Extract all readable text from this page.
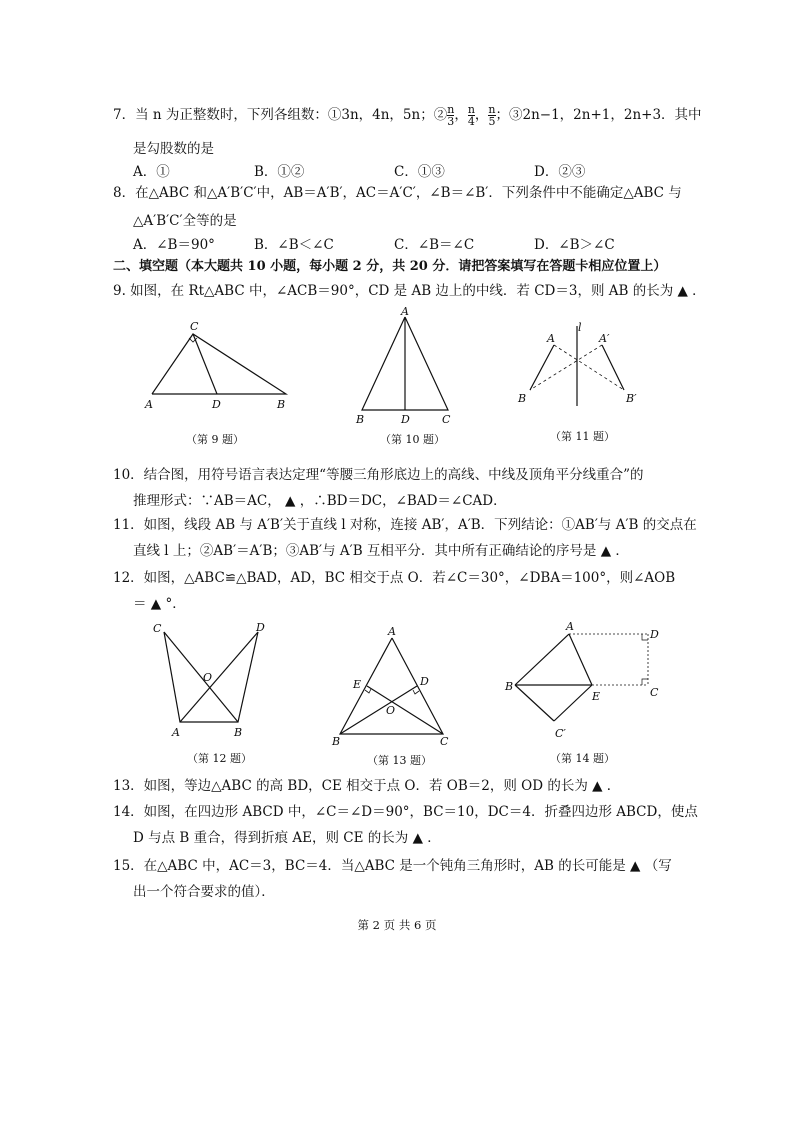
7．当 n 为正整数时，下列各组数：①3n，4n，5n；② $\frac{n}{3}$ ， $\frac{n}{4}$ ， $\frac{n}{5}$ ；③2n−1，2n+1，2n+3．其中
是勾股数的是
A．①	B．①②	C．①③	D．②③
8．在△ABC 和△A′B′C′中，AB＝A′B′，AC＝A′C′，∠B＝∠B′．下列条件中不能确定△ABC 与
△A′B′C′全等的是
A．∠B＝90°	B．∠B＜∠C	C．∠B＝∠C	D．∠B＞∠C
二、填空题（本大题共 10 小题，每小题 2 分，共 20 分．请把答案填写在答题卡相应位置上）
9. 如图，在 Rt△ABC 中，∠ACB＝90°，CD 是 AB 边上的中线．若 CD＝3，则 AB 的长为 ▲ ．
C
A	D	B
（第 9 题）
A
B	D	C
（第 10 题）
l
A	A′
B	B′
（第 11 题）
10．结合图，用符号语言表达定理“等腰三角形底边上的高线、中线及顶角平分线重合”的
推理形式：∵AB＝AC， ▲ ，∴BD＝DC，∠BAD＝∠CAD．
11．如图，线段 AB 与 A′B′关于直线 l 对称，连接 AB′，A′B．下列结论：①AB′与 A′B 的交点在
直线 l 上；②AB′＝A′B；③AB′与 A′B 互相平分．其中所有正确结论的序号是 ▲ ．
12．如图，△ABC≌△BAD，AD，BC 相交于点 O．若∠C＝30°，∠DBA＝100°，则∠AOB
＝ ▲ °．
C	D
O
A	B
（第 12 题）
A
E	D
O
B	C
（第 13 题）
A
D
B
E	C
C′
（第 14 题）
13．如图，等边△ABC 的高 BD，CE 相交于点 O．若 OB＝2，则 OD 的长为 ▲ ．
14．如图，在四边形 ABCD 中，∠C＝∠D＝90°，BC＝10，DC＝4．折叠四边形 ABCD，使点
D 与点 B 重合，得到折痕 AE，则 CE 的长为 ▲ ．
15．在△ABC 中，AC＝3，BC＝4．当△ABC 是一个钝角三角形时，AB 的长可能是 ▲ （写
出一个符合要求的值）．
第 2 页 共 6 页
